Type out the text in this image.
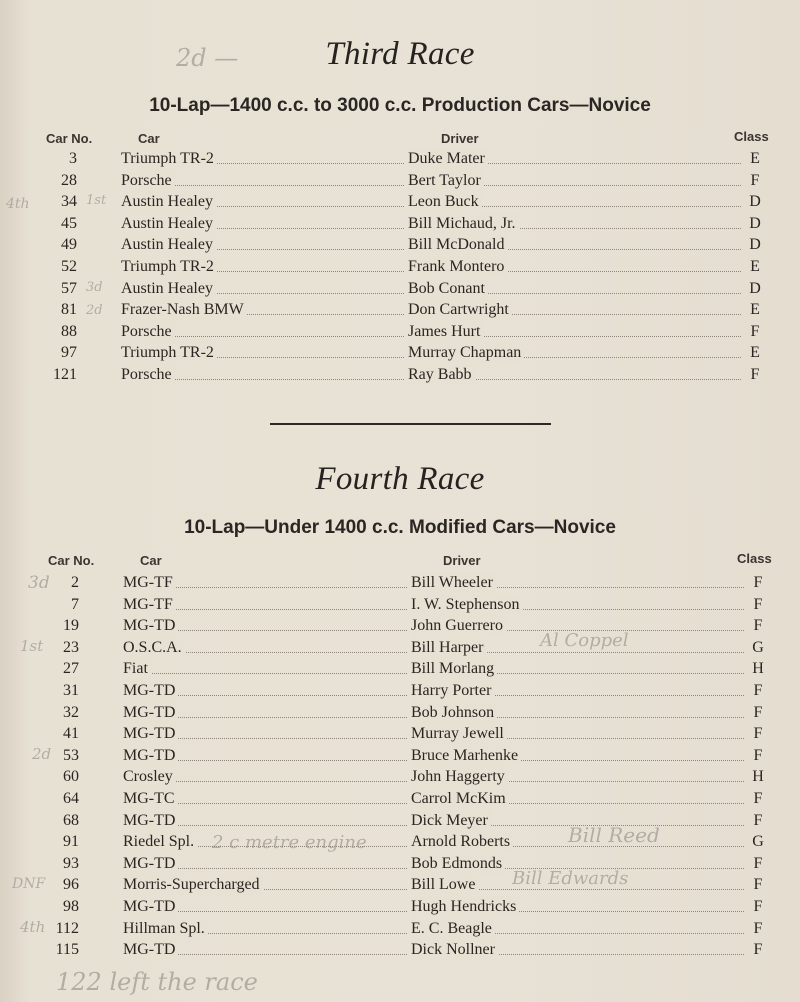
2d —	Third Race
10-Lap—1400 c.c. to 3000 c.c. Production Cars—Novice
Car No.	Car	Driver	Class
3	Triumph TR-2	Duke Mater	E
28	Porsche	Bert Taylor	F
34	Austin Healey	Leon Buck	D
45	Austin Healey	Bill Michaud, Jr.	D
49	Austin Healey	Bill McDonald	D
52	Triumph TR-2	Frank Montero	E
57	Austin Healey	Bob Conant	D
81	Frazer-Nash BMW	Don Cartwright	E
88	Porsche	James Hurt	F
97	Triumph TR-2	Murray Chapman	E
121	Porsche	Ray Babb	F
4th	1st
3d
2d
Fourth Race
10-Lap—Under 1400 c.c. Modified Cars—Novice
Car No.	Car	Driver	Class
2	MG-TF	Bill Wheeler	F
7	MG-TF	I. W. Stephenson	F
19	MG-TD	John Guerrero	F
23	O.S.C.A.	Bill Harper	G
27	Fiat	Bill Morlang	H
31	MG-TD	Harry Porter	F
32	MG-TD	Bob Johnson	F
41	MG-TD	Murray Jewell	F
53	MG-TD	Bruce Marhenke	F
60	Crosley	John Haggerty	H
64	MG-TC	Carrol McKim	F
68	MG-TD	Dick Meyer	F
91	Riedel Spl.	Arnold Roberts	G
93	MG-TD	Bob Edmonds	F
96	Morris-Supercharged	Bill Lowe	F
98	MG-TD	Hugh Hendricks	F
112	Hillman Spl.	E. C. Beagle	F
115	MG-TD	Dick Nollner	F
3d
1st
2d
DNF
4th
2 c metre engine
Bill Edwards
Al Coppel
Bill Reed
122 left the race
